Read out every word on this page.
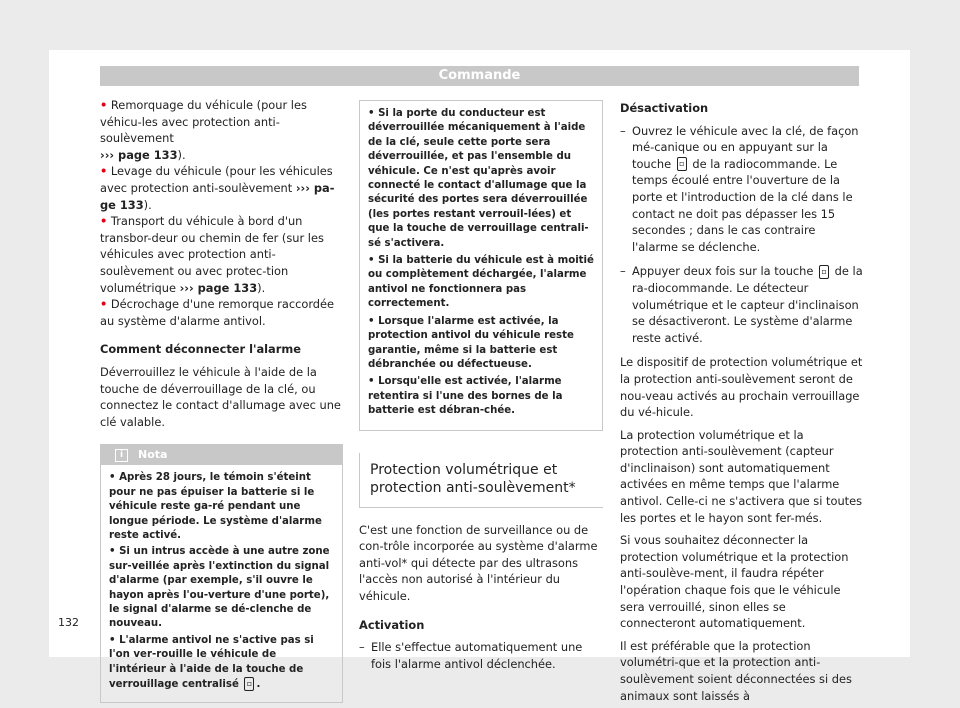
Commande

• Remorquage du véhicule (pour les véhicu-les avec protection anti-soulèvement
››› page 133).

• Levage du véhicule (pour les véhicules avec protection anti-soulèvement ››› pa-ge 133).

• Transport du véhicule à bord d'un transbor-deur ou chemin de fer (sur les véhicules avec protection anti-soulèvement ou avec protec-tion volumétrique ››› page 133).

• Décrochage d'une remorque raccordée au système d'alarme antivol.

Comment déconnecter l'alarme

Déverrouillez le véhicule à l'aide de la touche de déverrouillage de la clé, ou connectez le contact d'allumage avec une clé valable.

i	Nota

• Après 28 jours, le témoin s'éteint pour ne pas épuiser la batterie si le véhicule reste ga-ré pendant une longue période. Le système d'alarme reste activé.

• Si un intrus accède à une autre zone sur-veillée après l'extinction du signal d'alarme (par exemple, s'il ouvre le hayon après l'ou-verture d'une porte), le signal d'alarme se dé-clenche de nouveau.

• L'alarme antivol ne s'active pas si l'on ver-rouille le véhicule de l'intérieur à l'aide de la touche de verrouillage centralisé ▫ .

• Si la porte du conducteur est déverrouillée mécaniquement à l'aide de la clé, seule cette porte sera déverrouillée, et pas l'ensemble du véhicule. Ce n'est qu'après avoir connecté le contact d'allumage que la sécurité des portes sera déverrouillée (les portes restant verrouil-lées) et que la touche de verrouillage centrali-sé s'activera.

• Si la batterie du véhicule est à moitié ou complètement déchargée, l'alarme antivol ne fonctionnera pas correctement.

• Lorsque l'alarme est activée, la protection antivol du véhicule reste garantie, même si la batterie est débranchée ou défectueuse.

• Lorsqu'elle est activée, l'alarme retentira si l'une des bornes de la batterie est débran-chée.

Protection volumétrique et protection anti-soulèvement*

C'est une fonction de surveillance ou de con-trôle incorporée au système d'alarme anti-vol* qui détecte par des ultrasons l'accès non autorisé à l'intérieur du véhicule.

Activation

– Elle s'effectue automatiquement une fois l'alarme antivol déclenchée.

Désactivation

– Ouvrez le véhicule avec la clé, de façon mé-canique ou en appuyant sur la touche ▫ de la radiocommande. Le temps écoulé entre l'ouverture de la porte et l'introduction de la clé dans le contact ne doit pas dépasser les 15 secondes ; dans le cas contraire l'alarme se déclenche.
– Appuyer deux fois sur la touche ▫ de la ra-diocommande. Le détecteur volumétrique et le capteur d'inclinaison se désactiveront. Le système d'alarme reste activé.

Le dispositif de protection volumétrique et la protection anti-soulèvement seront de nou-veau activés au prochain verrouillage du vé-hicule.

La protection volumétrique et la protection anti-soulèvement (capteur d'inclinaison) sont automatiquement activées en même temps que l'alarme antivol. Celle-ci ne s'activera que si toutes les portes et le hayon sont fer-més.

Si vous souhaitez déconnecter la protection volumétrique et la protection anti-soulève-ment, il faudra répéter l'opération chaque fois que le véhicule sera verrouillé, sinon elles se connecteront automatiquement.

Il est préférable que la protection volumétri-que et la protection anti-soulèvement soient déconnectées si des animaux sont laissés à

132
